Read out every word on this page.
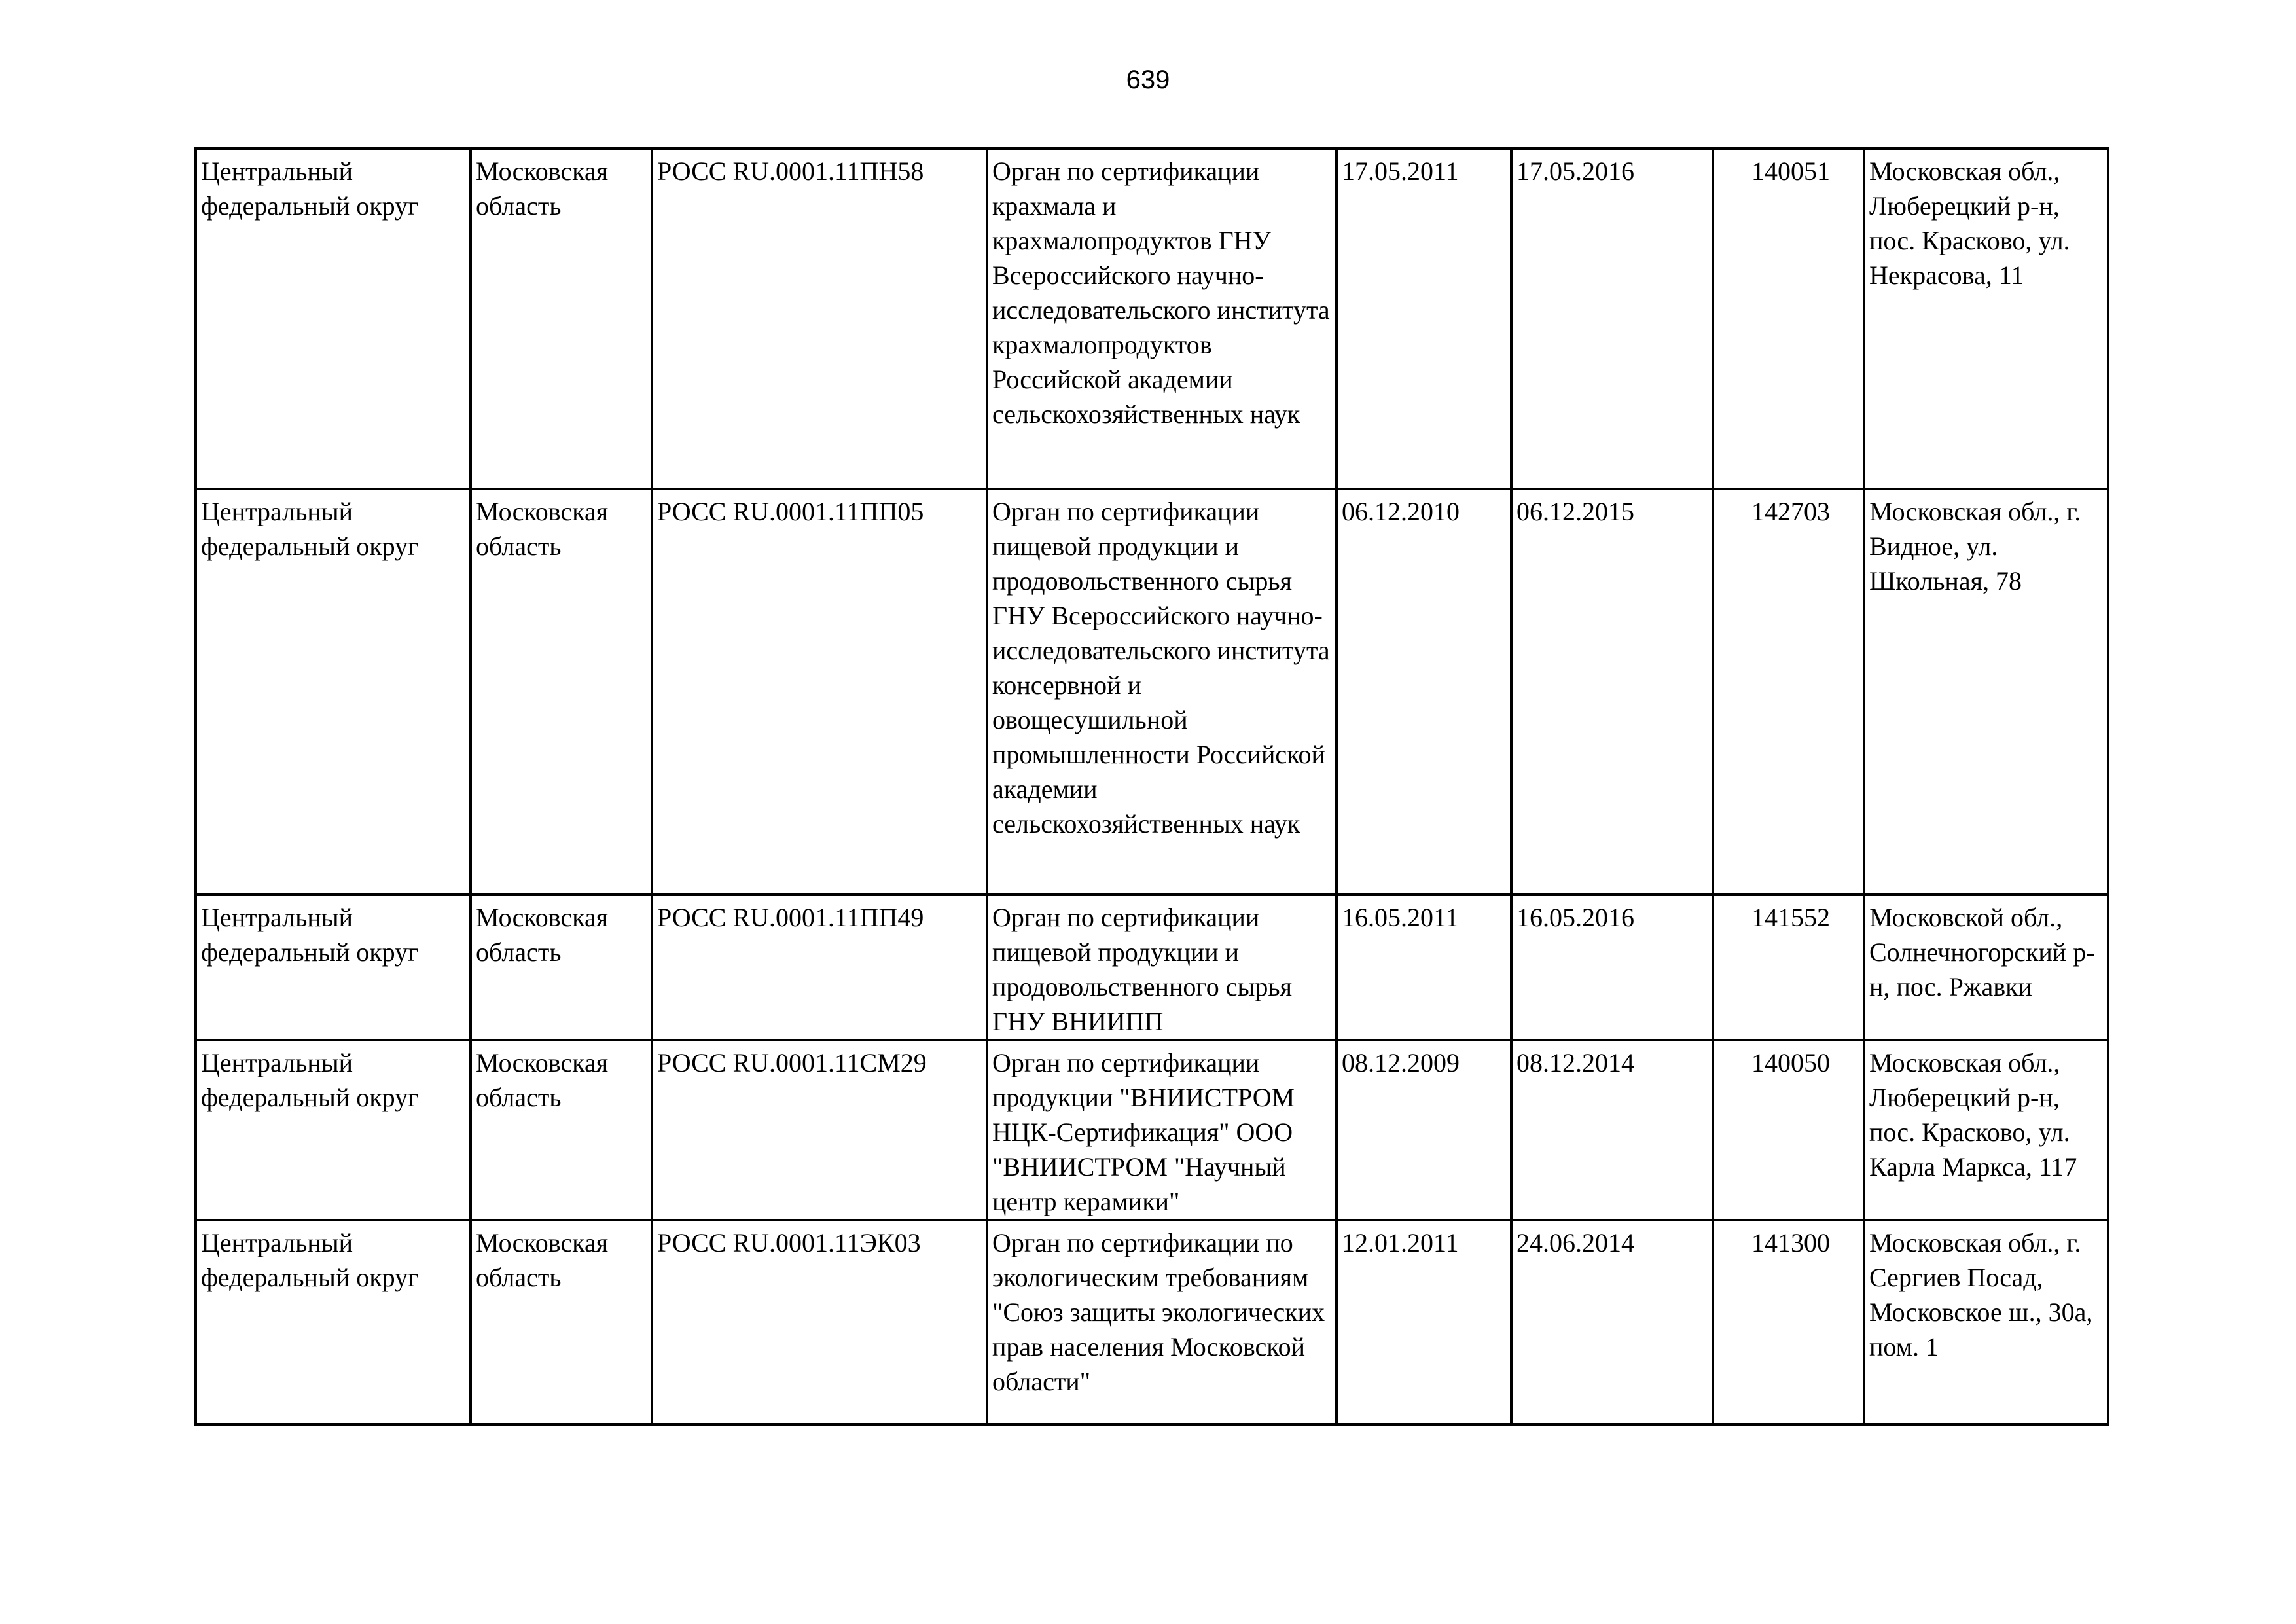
639
Центральный федеральный округ	Московская область	РОСС RU.0001.11ПН58	Орган по сертификации крахмала и крахмалопродуктов ГНУ Всероссийского научно-исследовательского института крахмалопродуктов Российской академии сельскохозяйственных наук	17.05.2011	17.05.2016	140051	Московская обл., Люберецкий р-н, пос. Красково, ул. Некрасова, 11
Центральный федеральный округ	Московская область	РОСС RU.0001.11ПП05	Орган по сертификации пищевой продукции и продовольственного сырья ГНУ Всероссийского научно-исследовательского института консервной и овощесушильной промышленности Российской академии сельскохозяйственных наук	06.12.2010	06.12.2015	142703	Московская обл., г. Видное, ул. Школьная, 78
Центральный федеральный округ	Московская область	РОСС RU.0001.11ПП49	Орган по сертификации пищевой продукции и продовольственного сырья ГНУ ВНИИПП	16.05.2011	16.05.2016	141552	Московской обл., Солнечногорский р-н, пос. Ржавки
Центральный федеральный округ	Московская область	РОСС RU.0001.11СМ29	Орган по сертификации продукции "ВНИИСТРОМ НЦК-Сертификация" ООО "ВНИИСТРОМ "Научный центр керамики"	08.12.2009	08.12.2014	140050	Московская обл., Люберецкий р-н, пос. Красково, ул. Карла Маркса, 117
Центральный федеральный округ	Московская область	РОСС RU.0001.11ЭК03	Орган по сертификации по экологическим требованиям "Союз защиты экологических прав населения Московской области"	12.01.2011	24.06.2014	141300	Московская обл., г. Сергиев Посад, Московское ш., 30а, пом. 1
